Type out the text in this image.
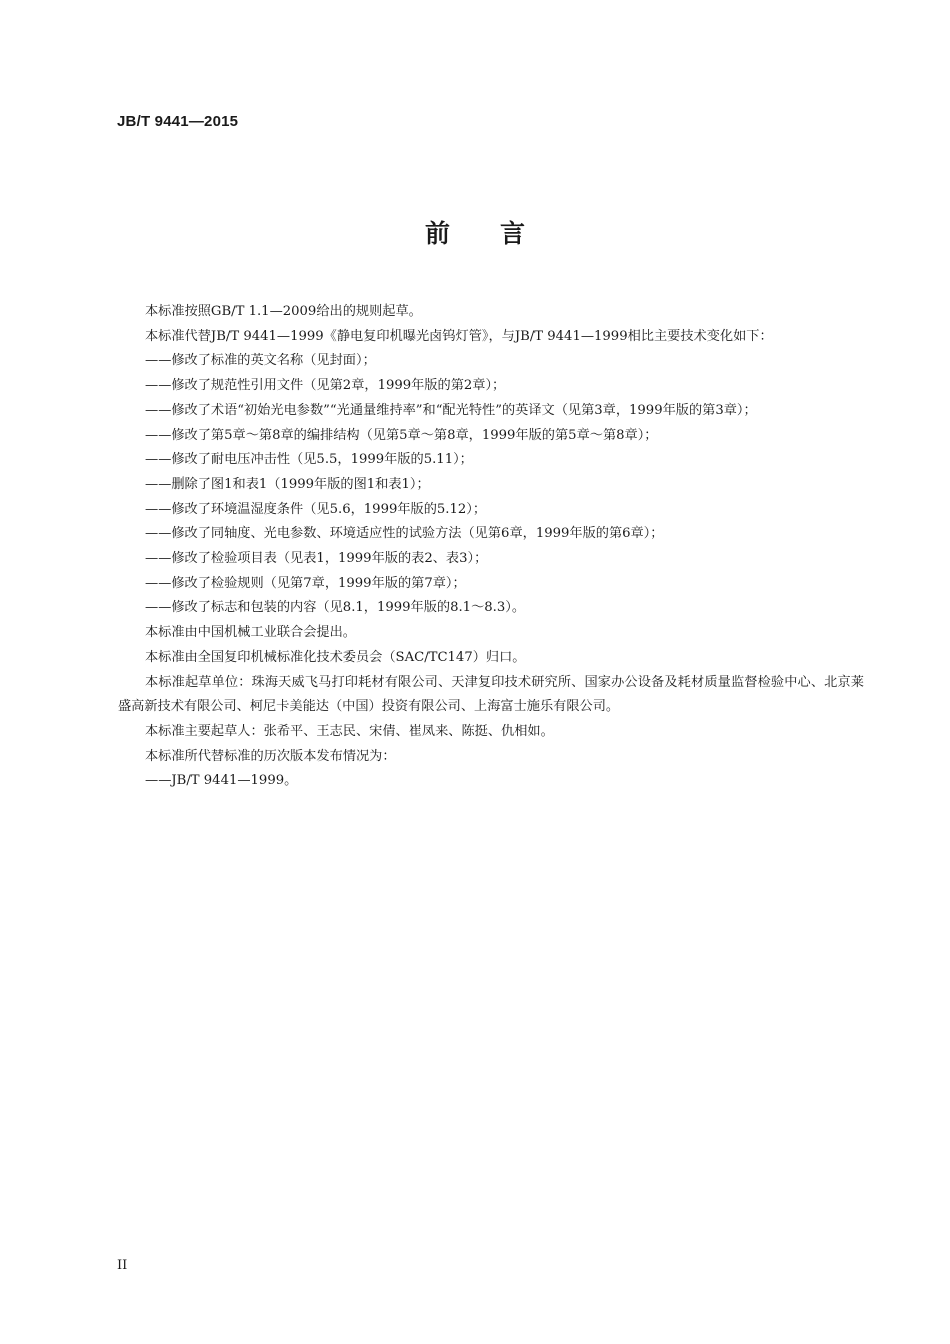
JB/T 9441—2015
前言

本标准按照GB/T 1.1—2009给出的规则起草。

本标准代替JB/T 9441—1999《静电复印机曝光卤钨灯管》，与JB/T 9441—1999相比主要技术变化如下：

——修改了标准的英文名称（见封面）；

——修改了规范性引用文件（见第2章，1999年版的第2章）；

——修改了术语“初始光电参数”“光通量维持率”和“配光特性”的英译文（见第3章，1999年版的第3章）；

——修改了第5章～第8章的编排结构（见第5章～第8章，1999年版的第5章～第8章）；

——修改了耐电压冲击性（见5.5，1999年版的5.11）；

——删除了图1和表1（1999年版的图1和表1）；

——修改了环境温湿度条件（见5.6，1999年版的5.12）；

——修改了同轴度、光电参数、环境适应性的试验方法（见第6章，1999年版的第6章）；

——修改了检验项目表（见表1，1999年版的表2、表3）；

——修改了检验规则（见第7章，1999年版的第7章）；

——修改了标志和包装的内容（见8.1，1999年版的8.1～8.3）。

本标准由中国机械工业联合会提出。

本标准由全国复印机械标准化技术委员会（SAC/TC147）归口。

本标准起草单位：珠海天威飞马打印耗材有限公司、天津复印技术研究所、国家办公设备及耗材质量监督检验中心、北京莱盛高新技术有限公司、柯尼卡美能达（中国）投资有限公司、上海富士施乐有限公司。

本标准主要起草人：张希平、王志民、宋倩、崔凤来、陈挺、仇相如。

本标准所代替标准的历次版本发布情况为：

——JB/T 9441—1999。

II
